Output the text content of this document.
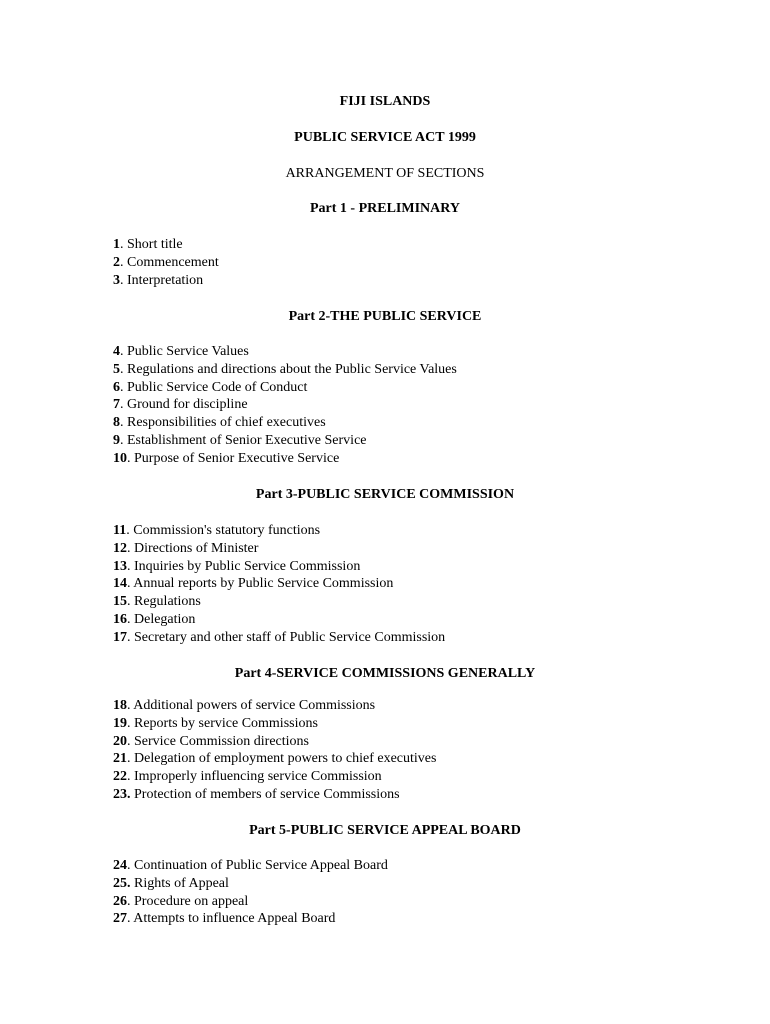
FIJI ISLANDS
PUBLIC SERVICE ACT 1999
ARRANGEMENT OF SECTIONS
Part 1 - PRELIMINARY
1. Short title
2. Commencement
3. Interpretation
Part 2-THE PUBLIC SERVICE
4. Public Service Values
5. Regulations and directions about the Public Service Values
6. Public Service Code of Conduct
7. Ground for discipline
8. Responsibilities of chief executives
9. Establishment of Senior Executive Service
10. Purpose of Senior Executive Service
Part 3-PUBLIC SERVICE COMMISSION
11. Commission's statutory functions
12. Directions of Minister
13. Inquiries by Public Service Commission
14. Annual reports by Public Service Commission
15. Regulations
16. Delegation
17. Secretary and other staff of Public Service Commission
Part 4-SERVICE COMMISSIONS GENERALLY
18. Additional powers of service Commissions
19. Reports by service Commissions
20. Service Commission directions
21. Delegation of employment powers to chief executives
22. Improperly influencing service Commission
23. Protection of members of service Commissions
Part 5-PUBLIC SERVICE APPEAL BOARD
24. Continuation of Public Service Appeal Board
25. Rights of Appeal
26. Procedure on appeal
27. Attempts to influence Appeal Board
